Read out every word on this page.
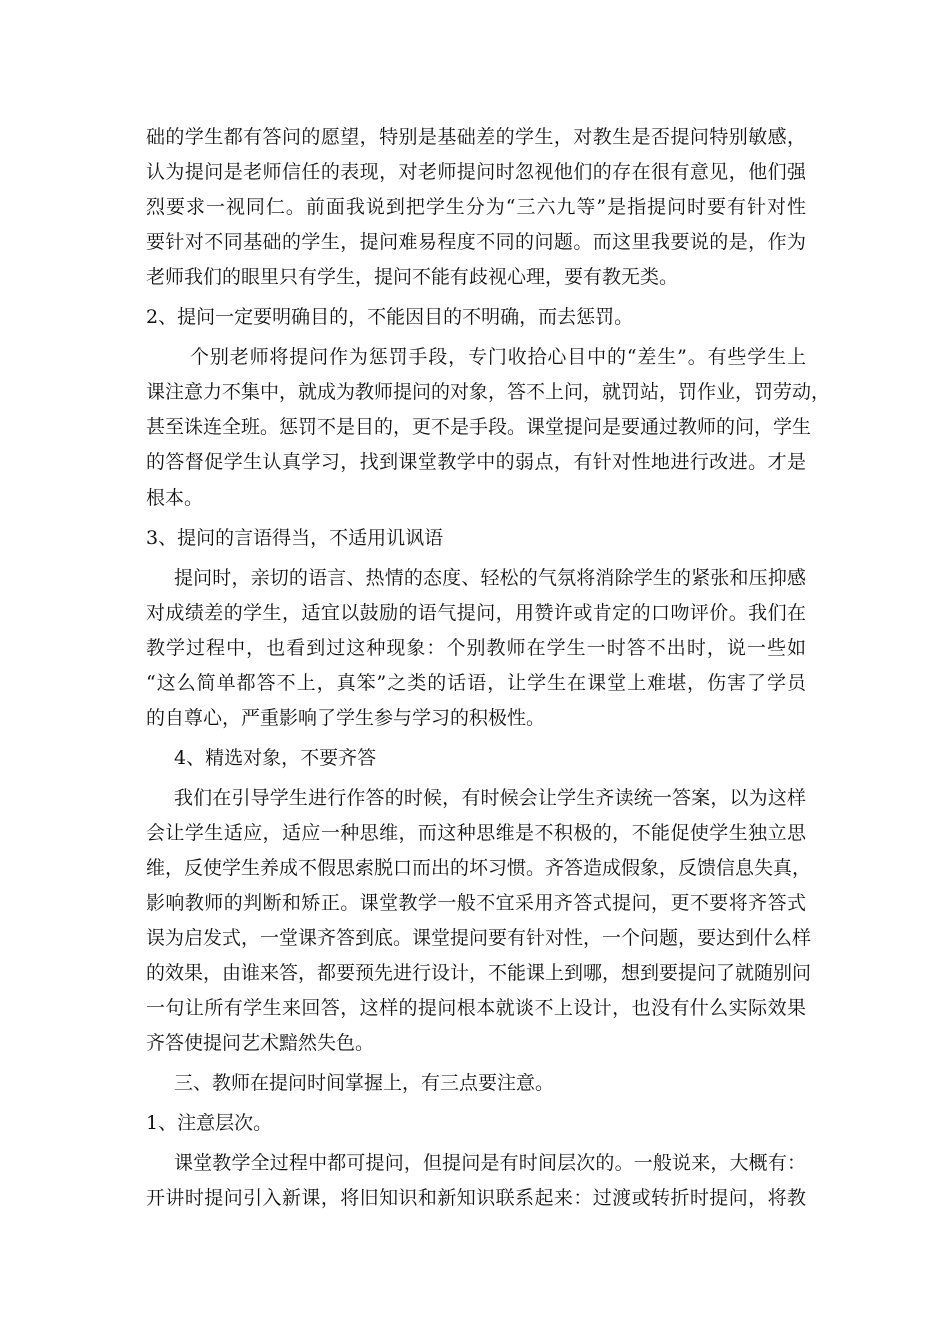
础的学生都有答问的愿望，特别是基础差的学生，对教生是否提问特别敏感，
认为提问是老师信任的表现，对老师提问时忽视他们的存在很有意见，他们强
烈要求一视同仁。前面我说到把学生分为“三六九等”是指提问时要有针对性
要针对不同基础的学生，提问难易程度不同的问题。而这里我要说的是，作为
老师我们的眼里只有学生，提问不能有歧视心理，要有教无类。
2、提问一定要明确目的，不能因目的不明确，而去惩罚。
个别老师将提问作为惩罚手段，专门收拾心目中的“差生”。有些学生上
课注意力不集中，就成为教师提问的对象，答不上问，就罚站，罚作业，罚劳动，
甚至诛连全班。惩罚不是目的，更不是手段。课堂提问是要通过教师的问，学生
的答督促学生认真学习，找到课堂教学中的弱点，有针对性地进行改进。才是
根本。
3、提问的言语得当，不适用讥讽语
提问时，亲切的语言、热情的态度、轻松的气氛将消除学生的紧张和压抑感
对成绩差的学生，适宜以鼓励的语气提问，用赞许或肯定的口吻评价。我们在
教学过程中，也看到过这种现象：个别教师在学生一时答不出时，说一些如
“这么简单都答不上，真笨”之类的话语，让学生在课堂上难堪，伤害了学员
的自尊心，严重影响了学生参与学习的积极性。
4、精选对象，不要齐答
我们在引导学生进行作答的时候，有时候会让学生齐读统一答案，以为这样
会让学生适应，适应一种思维，而这种思维是不积极的，不能促使学生独立思
维，反使学生养成不假思索脱口而出的坏习惯。齐答造成假象，反馈信息失真，
影响教师的判断和矫正。课堂教学一般不宜采用齐答式提问，更不要将齐答式
误为启发式，一堂课齐答到底。课堂提问要有针对性，一个问题，要达到什么样
的效果，由谁来答，都要预先进行设计，不能课上到哪，想到要提问了就随别问
一句让所有学生来回答，这样的提问根本就谈不上设计，也没有什么实际效果
齐答使提问艺术黯然失色。
三、教师在提问时间掌握上，有三点要注意。
1、注意层次。
课堂教学全过程中都可提问，但提问是有时间层次的。一般说来，大概有：
开讲时提问引入新课，将旧知识和新知识联系起来：过渡或转折时提问，将教
